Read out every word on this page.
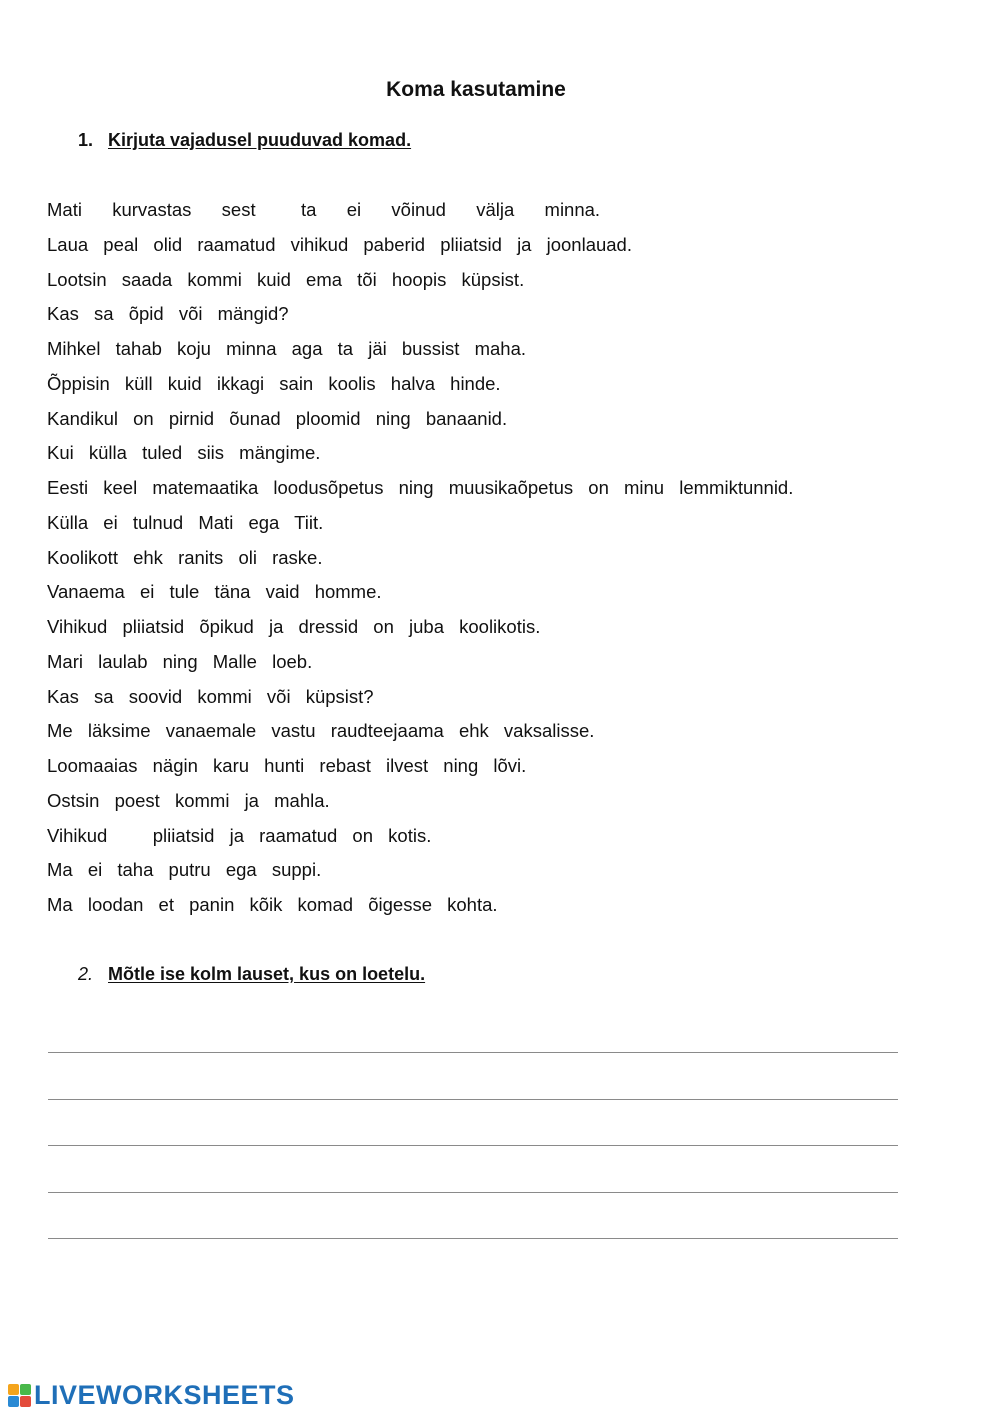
Koma kasutamine
1. Kirjuta vajadusel puuduvad komad.
Mati  kurvastas  sest   ta  ei  võinud  välja  minna.
Laua peal olid raamatud vihikud paberid pliiatsid ja joonlauad.
Lootsin saada kommi kuid ema tõi hoopis küpsist.
Kas sa õpid või mängid?
Mihkel tahab koju minna aga ta jäi bussist maha.
Õppisin küll kuid ikkagi sain koolis halva hinde.
Kandikul on pirnid õunad ploomid ning banaanid.
Kui külla tuled siis mängime.
Eesti keel matemaatika loodusõpetus ning muusikaõpetus on minu lemmiktunnid.
Külla ei tulnud Mati ega Tiit.
Koolikott ehk ranits oli raske.
Vanaema ei tule täna vaid homme.
Vihikud pliiatsid õpikud ja dressid on juba koolikotis.
Mari laulab ning Malle loeb.
Kas sa soovid kommi või küpsist?
Me läksime vanaemale vastu raudteejaama ehk vaksalisse.
Loomaaias nägin karu hunti rebast ilvest ning lõvi.
Ostsin poest kommi ja mahla.
Vihikud   pliiatsid ja raamatud on kotis.
Ma ei taha putru ega suppi.
Ma loodan et panin kõik komad õigesse kohta.
2. Mõtle ise kolm lauset, kus on loetelu.
LIVEWORKSHEETS
